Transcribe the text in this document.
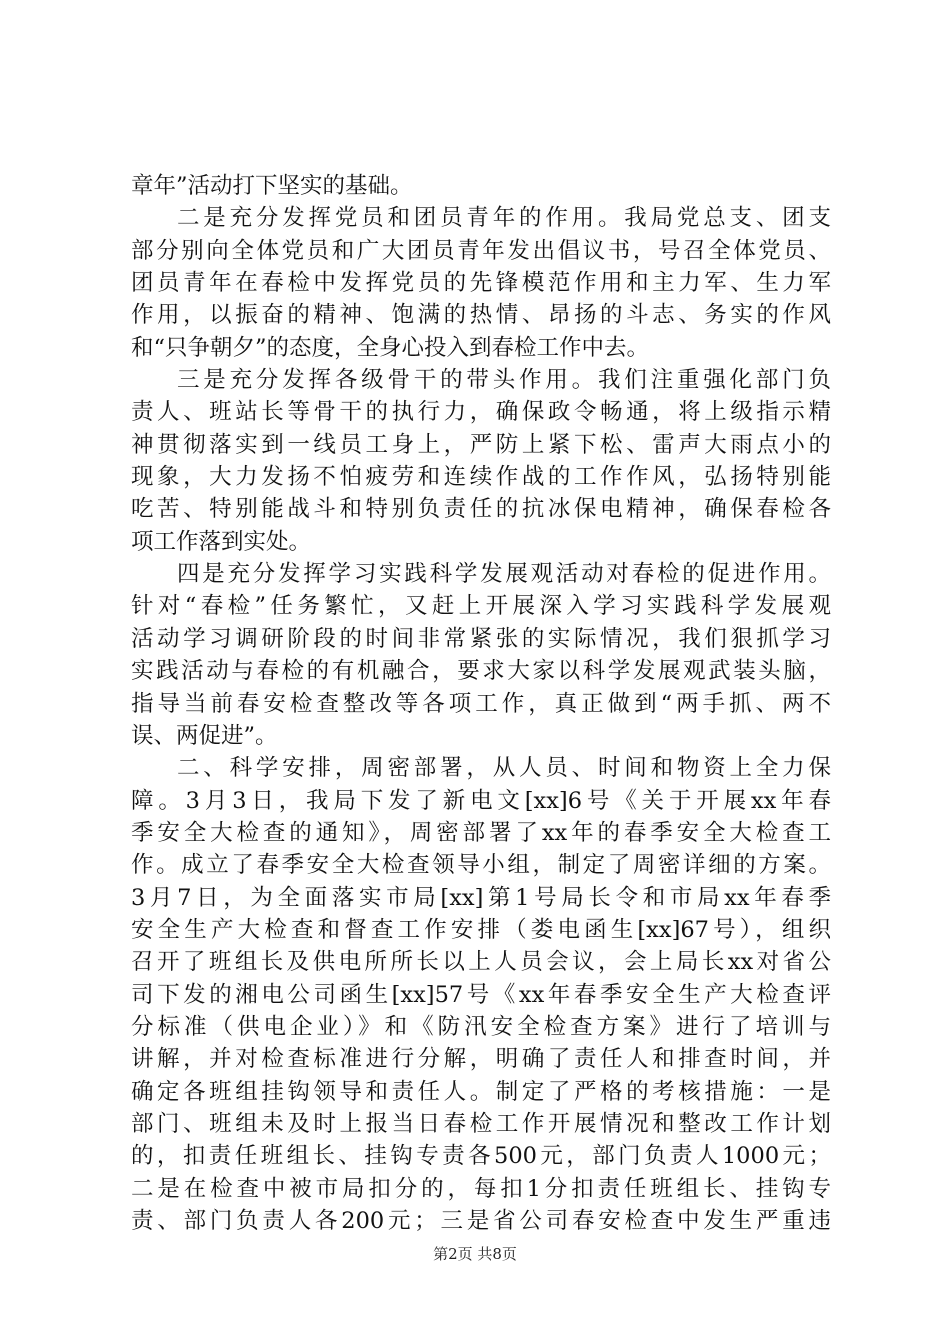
章年”活动打下坚实的基础。
二是充分发挥党员和团员青年的作用。我局党总支、团支
部分别向全体党员和广大团员青年发出倡议书，号召全体党员、
团员青年在春检中发挥党员的先锋模范作用和主力军、生力军
作用，以振奋的精神、饱满的热情、昂扬的斗志、务实的作风
和“只争朝夕”的态度，全身心投入到春检工作中去。
三是充分发挥各级骨干的带头作用。我们注重强化部门负
责人、班站长等骨干的执行力，确保政令畅通，将上级指示精
神贯彻落实到一线员工身上，严防上紧下松、雷声大雨点小的
现象，大力发扬不怕疲劳和连续作战的工作作风，弘扬特别能
吃苦、特别能战斗和特别负责任的抗冰保电精神，确保春检各
项工作落到实处。
四是充分发挥学习实践科学发展观活动对春检的促进作用。
针对“春检”任务繁忙，又赶上开展深入学习实践科学发展观
活动学习调研阶段的时间非常紧张的实际情况，我们狠抓学习
实践活动与春检的有机融合，要求大家以科学发展观武装头脑，
指导当前春安检查整改等各项工作，真正做到“两手抓、两不
误、两促进”。
二、科学安排，周密部署，从人员、时间和物资上全力保
障。3月3日，我局下发了新电文[xx]6号《关于开展xx年春
季安全大检查的通知》，周密部署了xx年的春季安全大检查工
作。成立了春季安全大检查领导小组，制定了周密详细的方案。
3月7日，为全面落实市局[xx]第1号局长令和市局xx年春季
安全生产大检查和督查工作安排（娄电函生[xx]67号），组织
召开了班组长及供电所所长以上人员会议，会上局长xx对省公
司下发的湘电公司函生[xx]57号《xx年春季安全生产大检查评
分标准（供电企业）》和《防汛安全检查方案》进行了培训与
讲解，并对检查标准进行分解，明确了责任人和排查时间，并
确定各班组挂钩领导和责任人。制定了严格的考核措施：一是
部门、班组未及时上报当日春检工作开展情况和整改工作计划
的，扣责任班组长、挂钩专责各500元，部门负责人1000元；
二是在检查中被市局扣分的，每扣1分扣责任班组长、挂钩专
责、部门负责人各200元；三是省公司春安检查中发生严重违
第2页 共8页
